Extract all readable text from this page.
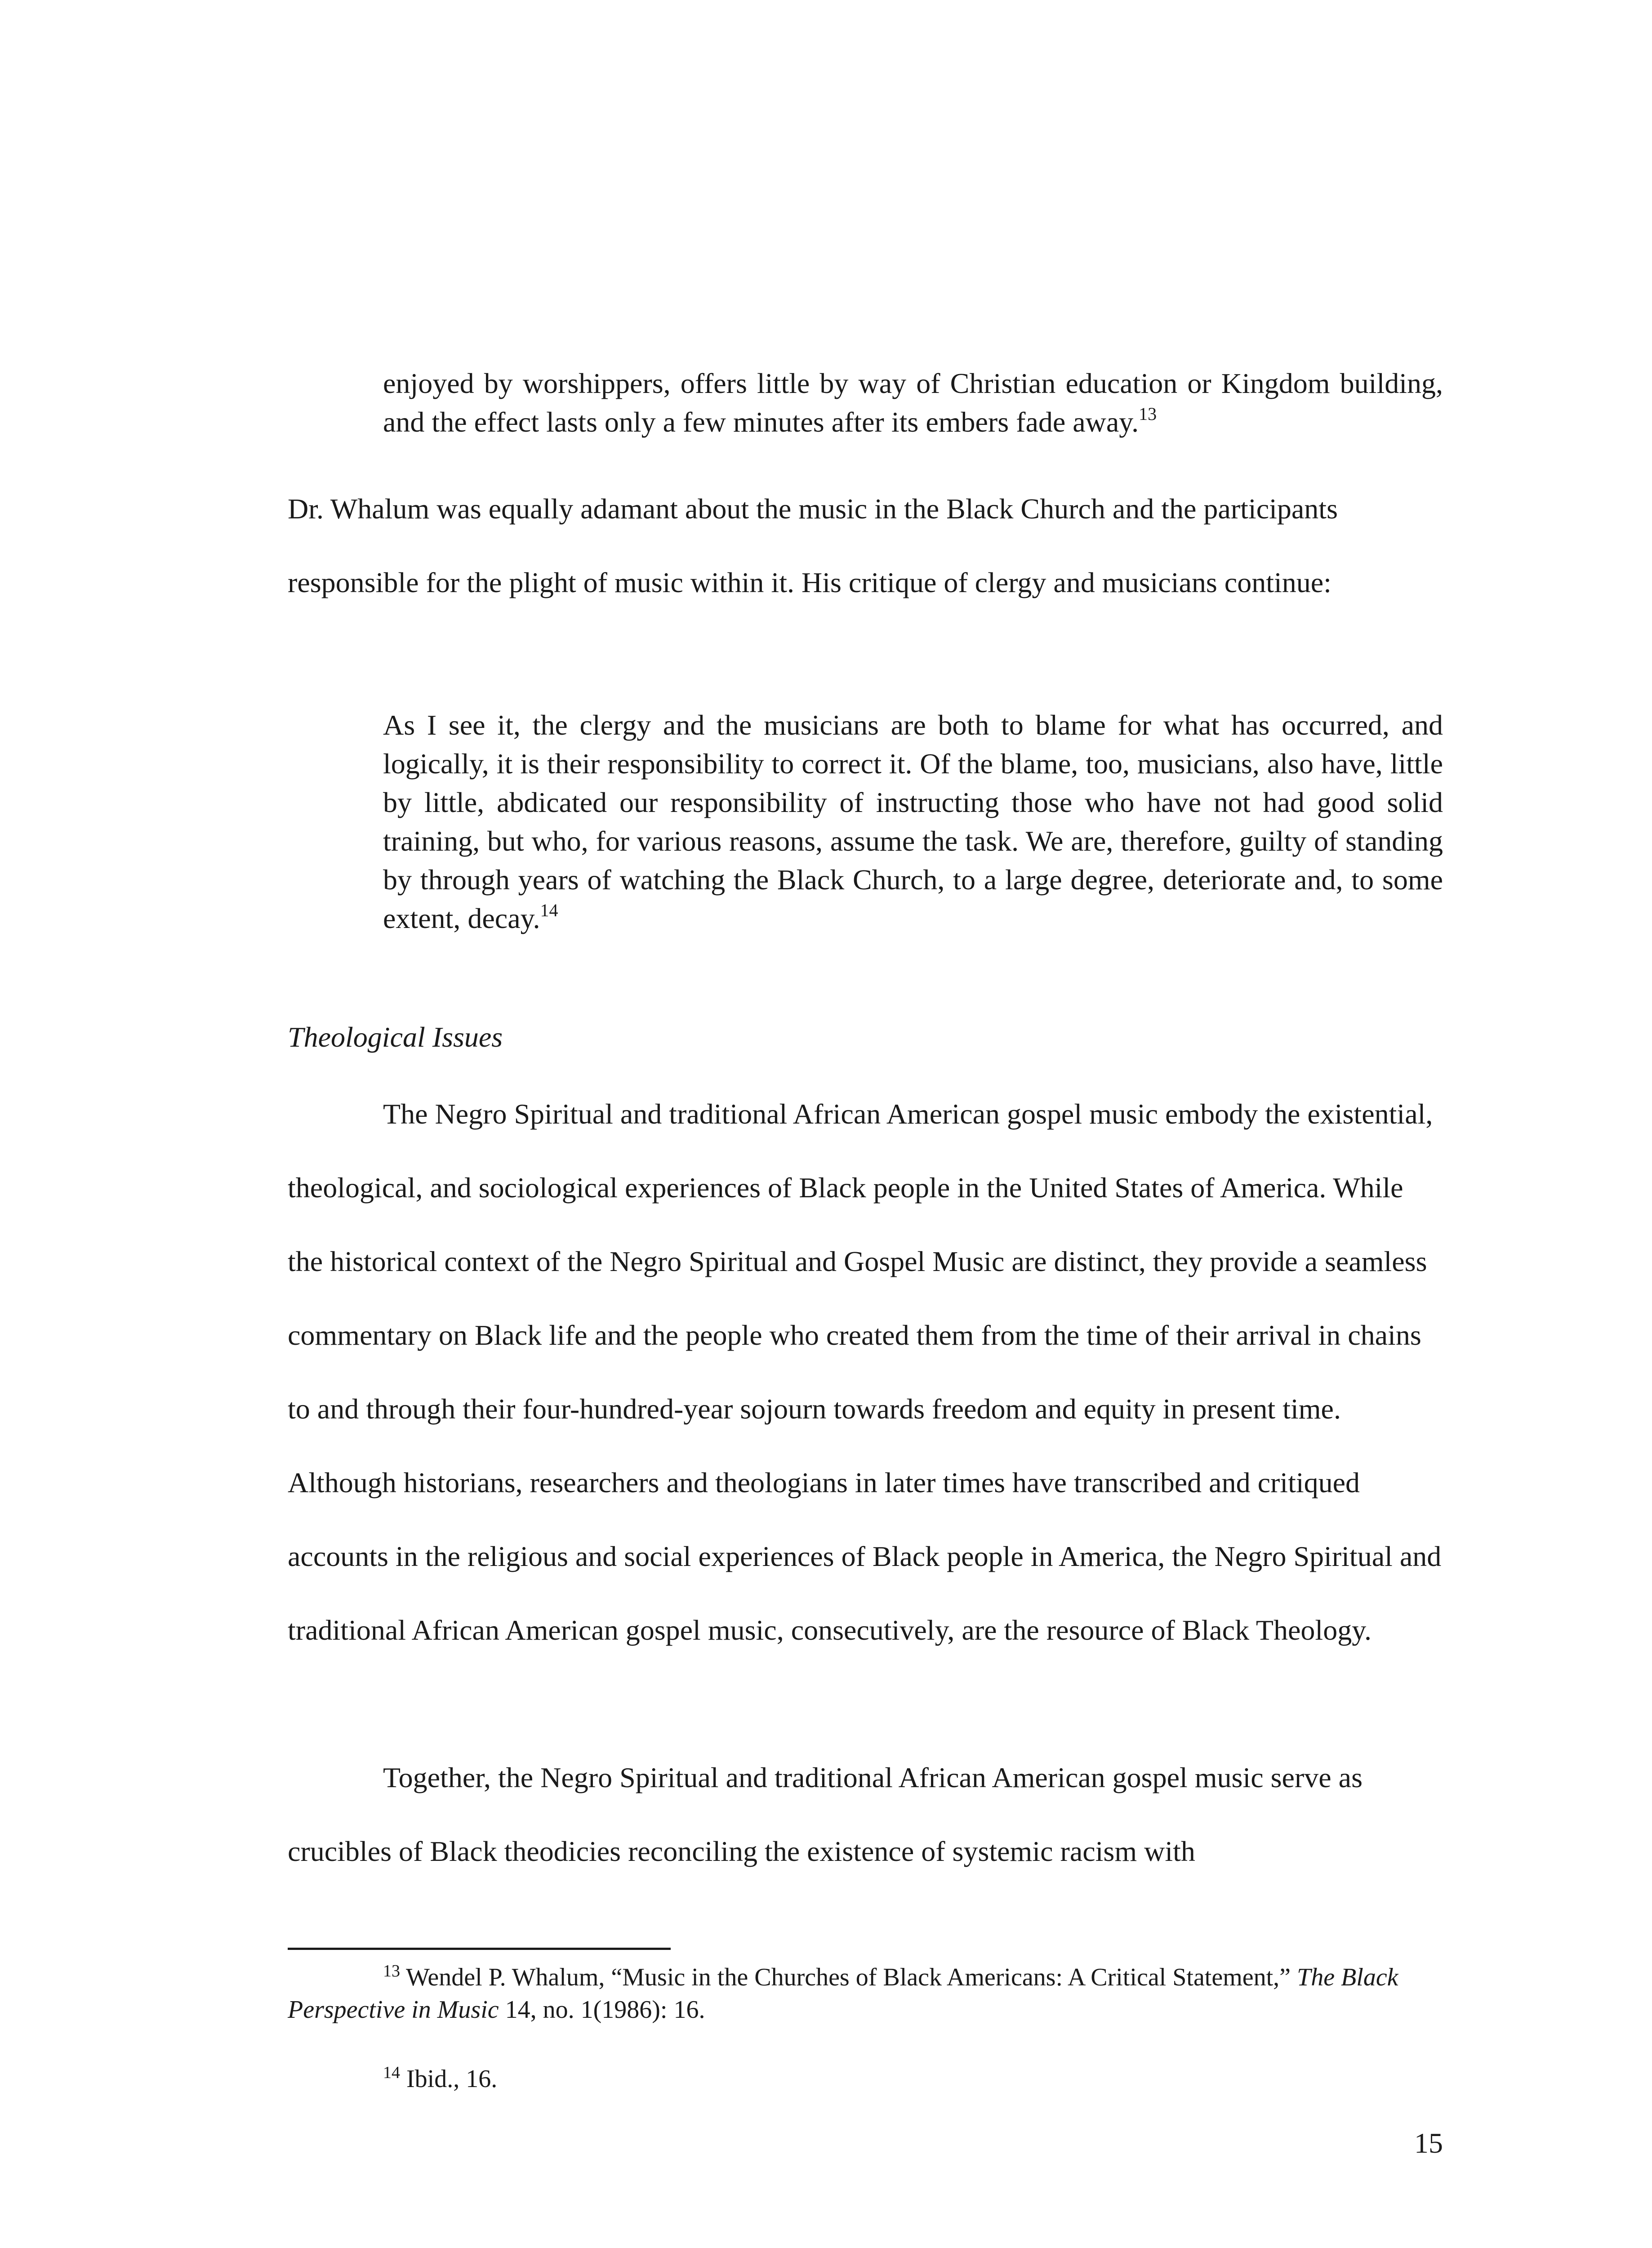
enjoyed by worshippers, offers little by way of Christian education or Kingdom building, and the effect lasts only a few minutes after its embers fade away.$^{13}$

Dr. Whalum was equally adamant about the music in the Black Church and the participants responsible for the plight of music within it. His critique of clergy and musicians continue:

As I see it, the clergy and the musicians are both to blame for what has occurred, and logically, it is their responsibility to correct it. Of the blame, too, musicians, also have, little by little, abdicated our responsibility of instructing those who have not had good solid training, but who, for various reasons, assume the task. We are, therefore, guilty of standing by through years of watching the Black Church, to a large degree, deteriorate and, to some extent, decay.$^{14}$

Theological Issues

The Negro Spiritual and traditional African American gospel music embody the existential, theological, and sociological experiences of Black people in the United States of America. While the historical context of the Negro Spiritual and Gospel Music are distinct, they provide a seamless commentary on Black life and the people who created them from the time of their arrival in chains to and through their four-hundred-year sojourn towards freedom and equity in present time. Although historians, researchers and theologians in later times have transcribed and critiqued accounts in the religious and social experiences of Black people in America, the Negro Spiritual and traditional African American gospel music, consecutively, are the resource of Black Theology.

Together, the Negro Spiritual and traditional African American gospel music serve as crucibles of Black theodicies reconciling the existence of systemic racism with

$^{13}$ Wendel P. Whalum, “Music in the Churches of Black Americans: A Critical Statement,” The Black Perspective in Music 14, no. 1(1986): 16.

$^{14}$ Ibid., 16.

15
